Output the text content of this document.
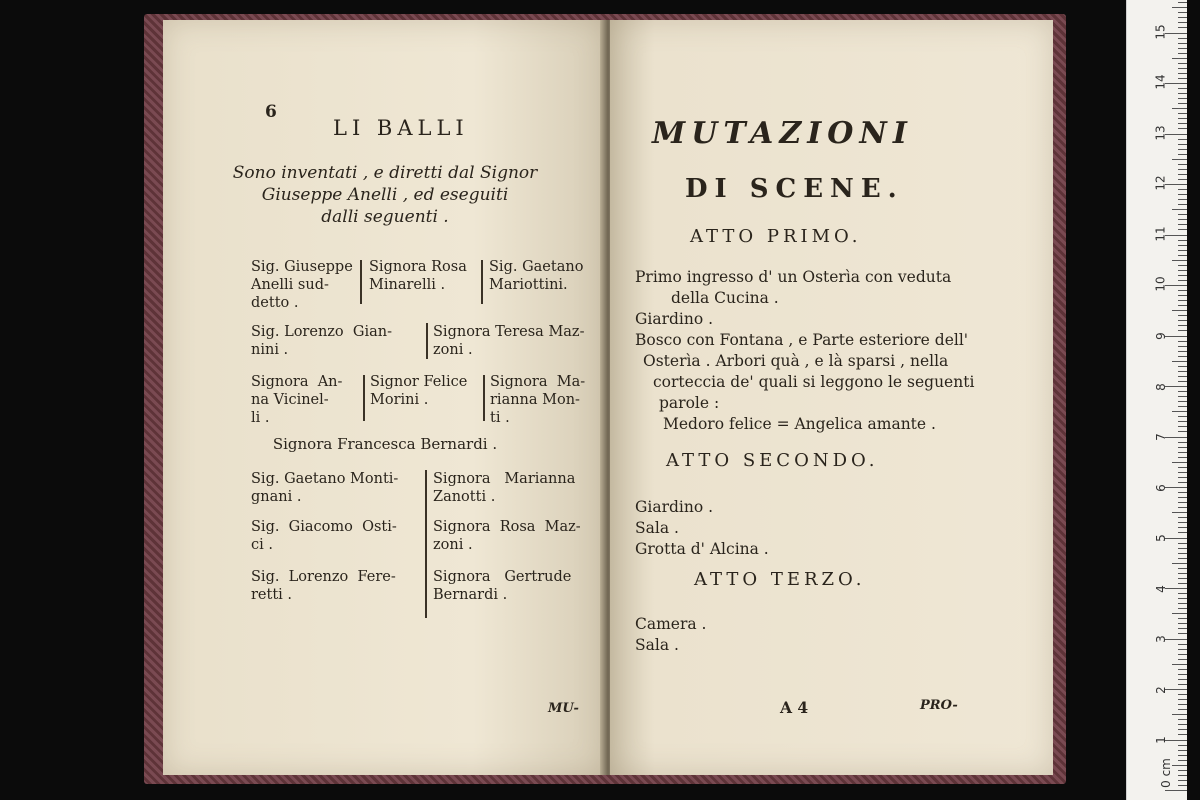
6
LI BALLI
Sono inventati , e diretti dal Signor
Giuseppe Anelli , ed eseguiti
dalli seguenti .
Sig. Giuseppe
Anelli sud-
detto .
Signora Rosa
Minarelli .
Sig. Gaetano
Mariottini.
Sig. Lorenzo  Gian-
nini .
Signora Teresa Maz-
zoni .
Signora  An-
na Vicinel-
li .
Signor Felice
Morini .
Signora  Ma-
rianna Mon-
ti .
Signora Francesca Bernardi .
Sig. Gaetano Monti-
gnani .
Signora   Marianna
Zanotti .
Sig.  Giacomo  Osti-
ci .
Signora  Rosa  Maz-
zoni .
Sig.  Lorenzo  Fere-
retti .
Signora   Gertrude
Bernardi .
MU-
MUTAZIONI
DI SCENE.
ATTO PRIMO.
Primo ingresso d' un Osterìa con veduta
della Cucina .
Giardino .
Bosco con Fontana , e Parte esteriore dell'
Osterìa . Arbori quà , e là sparsi , nella
corteccia de' quali si leggono le seguenti
parole :
Medoro felice = Angelica amante .
ATTO SECONDO.
Giardino .
Sala .
Grotta d' Alcina .
ATTO TERZO.
Camera .
Sala .
A 4	PRO-
0 cm
1
2
3
4
5
6
7
8
9
10
11
12
13
14
15
